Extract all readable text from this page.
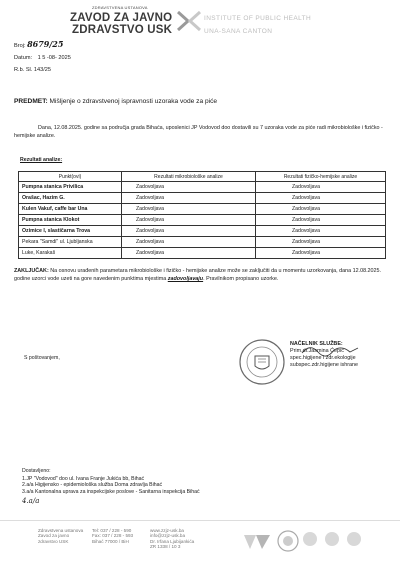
ZDRAVSTVENA USTANOVA
ZAVOD ZA JAVNO
ZDRAVSTVO USK
INSTITUTE OF PUBLIC HEALTH
UNA-SANA CANTON
Broj: 8679/25
Datum: 1 5 -08- 2025
R.b. Sl. 143/25
PREDMET: Mišljenje o zdravstvenoj ispravnosti uzoraka vode za piće
Dana, 12.08.2025. godine sa područja grada Bihaća, uposlenici JP Vodovod doo dostavili su 7 uzoraka vode za piće radi mikrobiološke i fizičko - hemijske analize.
Rezultati analize:
Punkt(ovi)	Rezultati mikrobiološke analize	Rezultati fizičko-hemijske analize
Pumpna stanica Privilica	Zadovoljava	Zadovoljava
Orašac, Hazim G.	Zadovoljava	Zadovoljava
Kulen Vakuf, caffe bar Una	Zadovoljava	Zadovoljava
Pumpna stanica Klokot	Zadovoljava	Zadovoljava
Ozimice I, slastičarna Trova	Zadovoljava	Zadovoljava
Pekara "Samdi" ul. Ljubljanska	Zadovoljava	Zadovoljava
Luke, Karakaš	Zadovoljava	Zadovoljava
ZAKLJUČAK: Na osnovu urađenih parametara mikrobiološke i fizičko - hemijske analize može se zaključiti da u momentu uzorkovanja, dana 12.08.2025. godine uzorci vode uzeti na gore navedenim punktima mjestima zadovoljavaju. Pravilnikom propisano uzorke.
S poštovanjem,
NAČELNIK SLUŽBE:
Prim.dr.Jasmina Ćepić
spec.higijene i zdr.ekologije
subspec.zdr.higijene ishrane
Dostavljeno:
1.JP "Vodovod" doo ul. Ivana Franje Jukića bb, Bihać
2.a/a Higijensko - epidemiološka služba Doma zdravlja Bihać
3.a/a Kantonalna uprava za inspekcijske poslove - Sanitarna inspekcija Bihać
4.a/a
Zdravstvena ustanova
Zavod za javno
zdravstvo USK
Tel: 037 / 228 - 590
Fax: 037 / 228 - 593
Bihać 77000 / BiH
www.zzjz-usk.ba
info@zzjz-usk.ba
Dr. Irfana Ljubijankića
ZR 1338 / 10 3
